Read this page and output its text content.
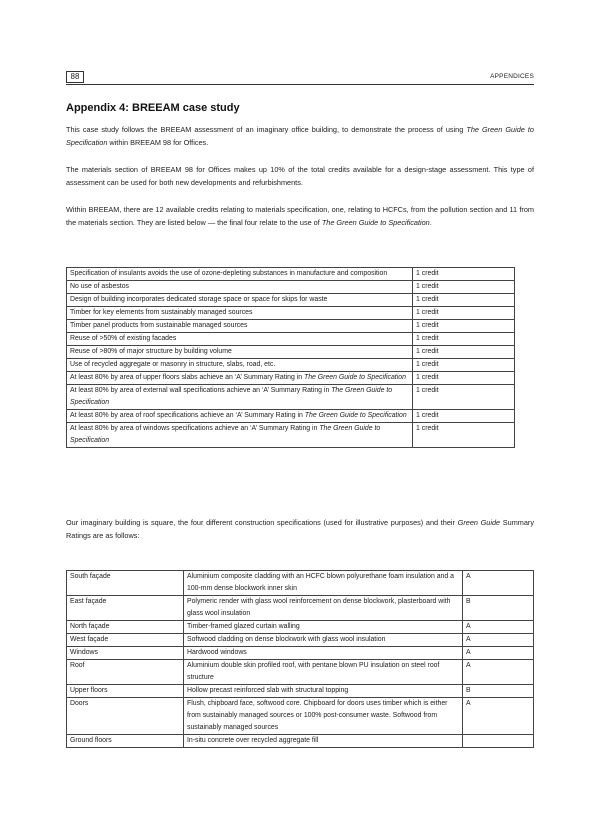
88	APPENDICES
Appendix 4: BREEAM case study

This case study follows the BREEAM assessment of an imaginary office building, to demonstrate the process of using The Green Guide to Specification within BREEAM 98 for Offices.

The materials section of BREEAM 98 for Offices makes up 10% of the total credits available for a design-stage assessment. This type of assessment can be used for both new developments and refurbishments.

Within BREEAM, there are 12 available credits relating to materials specification, one, relating to HCFCs, from the pollution section and 11 from the materials section. They are listed below — the final four relate to the use of The Green Guide to Specification.

Specification of insulants avoids the use of ozone-depleting substances in manufacture and composition	1 credit
No use of asbestos	1 credit
Design of building incorporates dedicated storage space or space for skips for waste	1 credit
Timber for key elements from sustainably managed sources	1 credit
Timber panel products from sustainable managed sources	1 credit
Reuse of >50% of existing facades	1 credit
Reuse of >80% of major structure by building volume	1 credit
Use of recycled aggregate or masonry in structure, slabs, road, etc.	1 credit
At least 80% by area of upper floors slabs achieve an ‘A’ Summary Rating in The Green Guide to Specification	1 credit
At least 80% by area of external wall specifications achieve an ‘A’ Summary Rating in The Green Guide to Specification	1 credit
At least 80% by area of roof specifications achieve an ‘A’ Summary Rating in The Green Guide to Specification	1 credit
At least 80% by area of windows specifications achieve an ‘A’ Summary Rating in The Green Guide to Specification	1 credit

Our imaginary building is square, the four different construction specifications (used for illustrative purposes) and their Green Guide Summary Ratings are as follows:

South façade	Aluminium composite cladding with an HCFC blown polyurethane foam insulation and a 100-mm dense blockwork inner skin	A
East façade	Polymeric render with glass wool reinforcement on dense blockwork, plasterboard with glass wool insulation	B
North façade	Timber-framed glazed curtain walling	A
West façade	Softwood cladding on dense blockwork with glass wool insulation	A
Windows	Hardwood windows	A
Roof	Aluminium double skin profiled roof, with pentane blown PU insulation on steel roof structure	A
Upper floors	Hollow precast reinforced slab with structural topping	B
Doors	Flush, chipboard face, softwood core. Chipboard for doors uses timber which is either from sustainably managed sources or 100% post-consumer waste. Softwood from sustainably managed sources	A
Ground floors	In-situ concrete over recycled aggregate fill	
